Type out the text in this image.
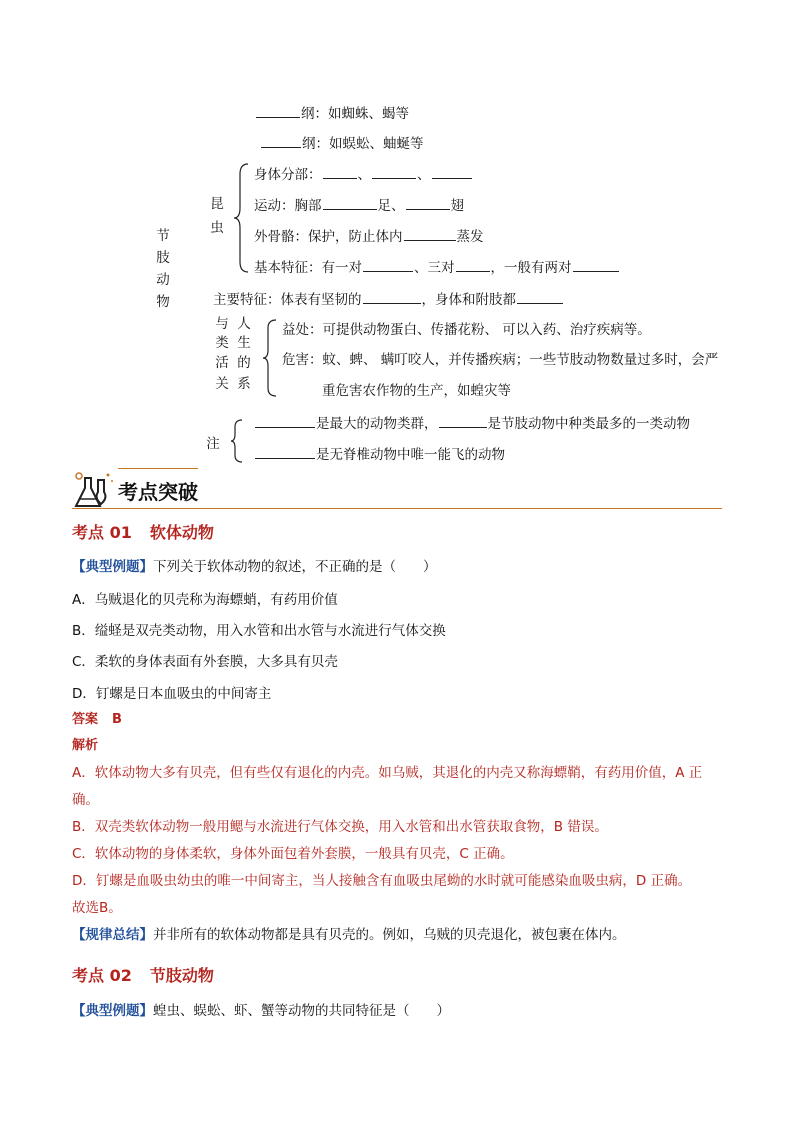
纲：如蜘蛛、蝎等
纲：如蜈蚣、蚰蜒等
昆
虫
身体分部：	、	、
运动：胸部	足、	翅
外骨骼：保护，防止体内	蒸发
基本特征：有一对	、三对	，一般有两对
节
肢
动
物	主要特征：体表有坚韧的	，身体和附肢都
与
类
活
关
人
生
的
系
益处：可提供动物蛋白、传播花粉、 可以入药、治疗疾病等。
危害：蚊、蜱、 螨叮咬人，并传播疾病；一些节肢动物数量过多时，会严
重危害农作物的生产，如蝗灾等
注
是最大的动物类群，	是节肢动物中种类最多的一类动物
是无脊椎动物中唯一能飞的动物
考点突破
考点 01 软体动物
【典型例题】下列关于软体动物的叙述，不正确的是（　　）
A．乌贼退化的贝壳称为海螵蛸，有药用价值
B．缢蛏是双壳类动物，用入水管和出水管与水流进行气体交换
C．柔软的身体表面有外套膜，大多具有贝壳
D．钉螺是日本血吸虫的中间寄主
答案 B
解析
A．软体动物大多有贝壳，但有些仅有退化的内壳。如乌贼，其退化的内壳又称海螵鞘，有药用价值，A 正
确。
B．双壳类软体动物一般用鳃与水流进行气体交换，用入水管和出水管获取食物，B 错误。
C．软体动物的身体柔软，身体外面包着外套膜，一般具有贝壳，C 正确。
D．钉螺是血吸虫幼虫的唯一中间寄主，当人接触含有血吸虫尾蚴的水时就可能感染血吸虫病，D 正确。
故选B。
【规律总结】并非所有的软体动物都是具有贝壳的。例如，乌贼的贝壳退化，被包裹在体内。
考点 02 节肢动物
【典型例题】蝗虫、蜈蚣、虾、蟹等动物的共同特征是（　　）
